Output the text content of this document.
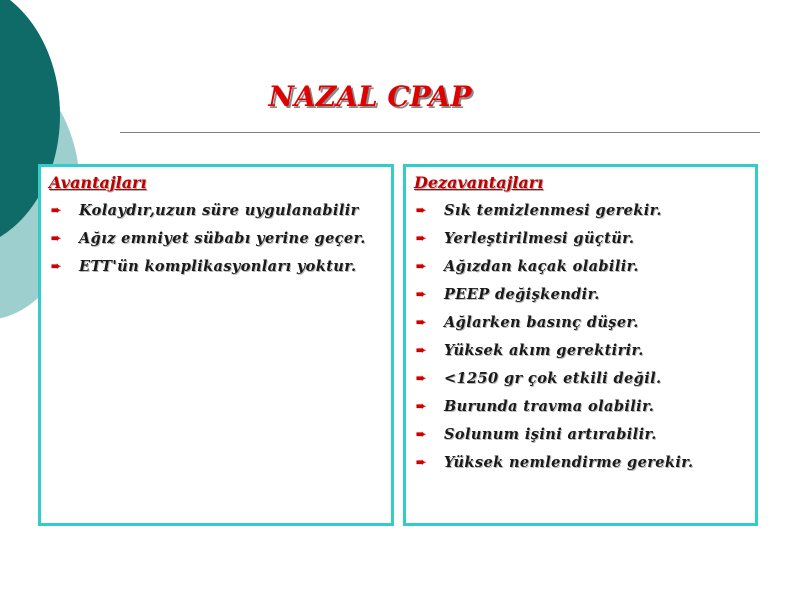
NAZAL CPAP
Avantajları
➨ Kolaydır,uzun süre uygulanabilir
➨ Ağız emniyet sübabı yerine geçer.
➨ ETT'ün komplikasyonları yoktur.
Dezavantajları
➨ Sık temizlenmesi gerekir.
➨ Yerleştirilmesi güçtür.
➨ Ağızdan kaçak olabilir.
➨ PEEP değişkendir.
➨ Ağlarken basınç düşer.
➨ Yüksek akım gerektirir.
➨ <1250 gr çok etkili değil.
➨ Burunda travma olabilir.
➨ Solunum işini artırabilir.
➨ Yüksek nemlendirme gerekir.
